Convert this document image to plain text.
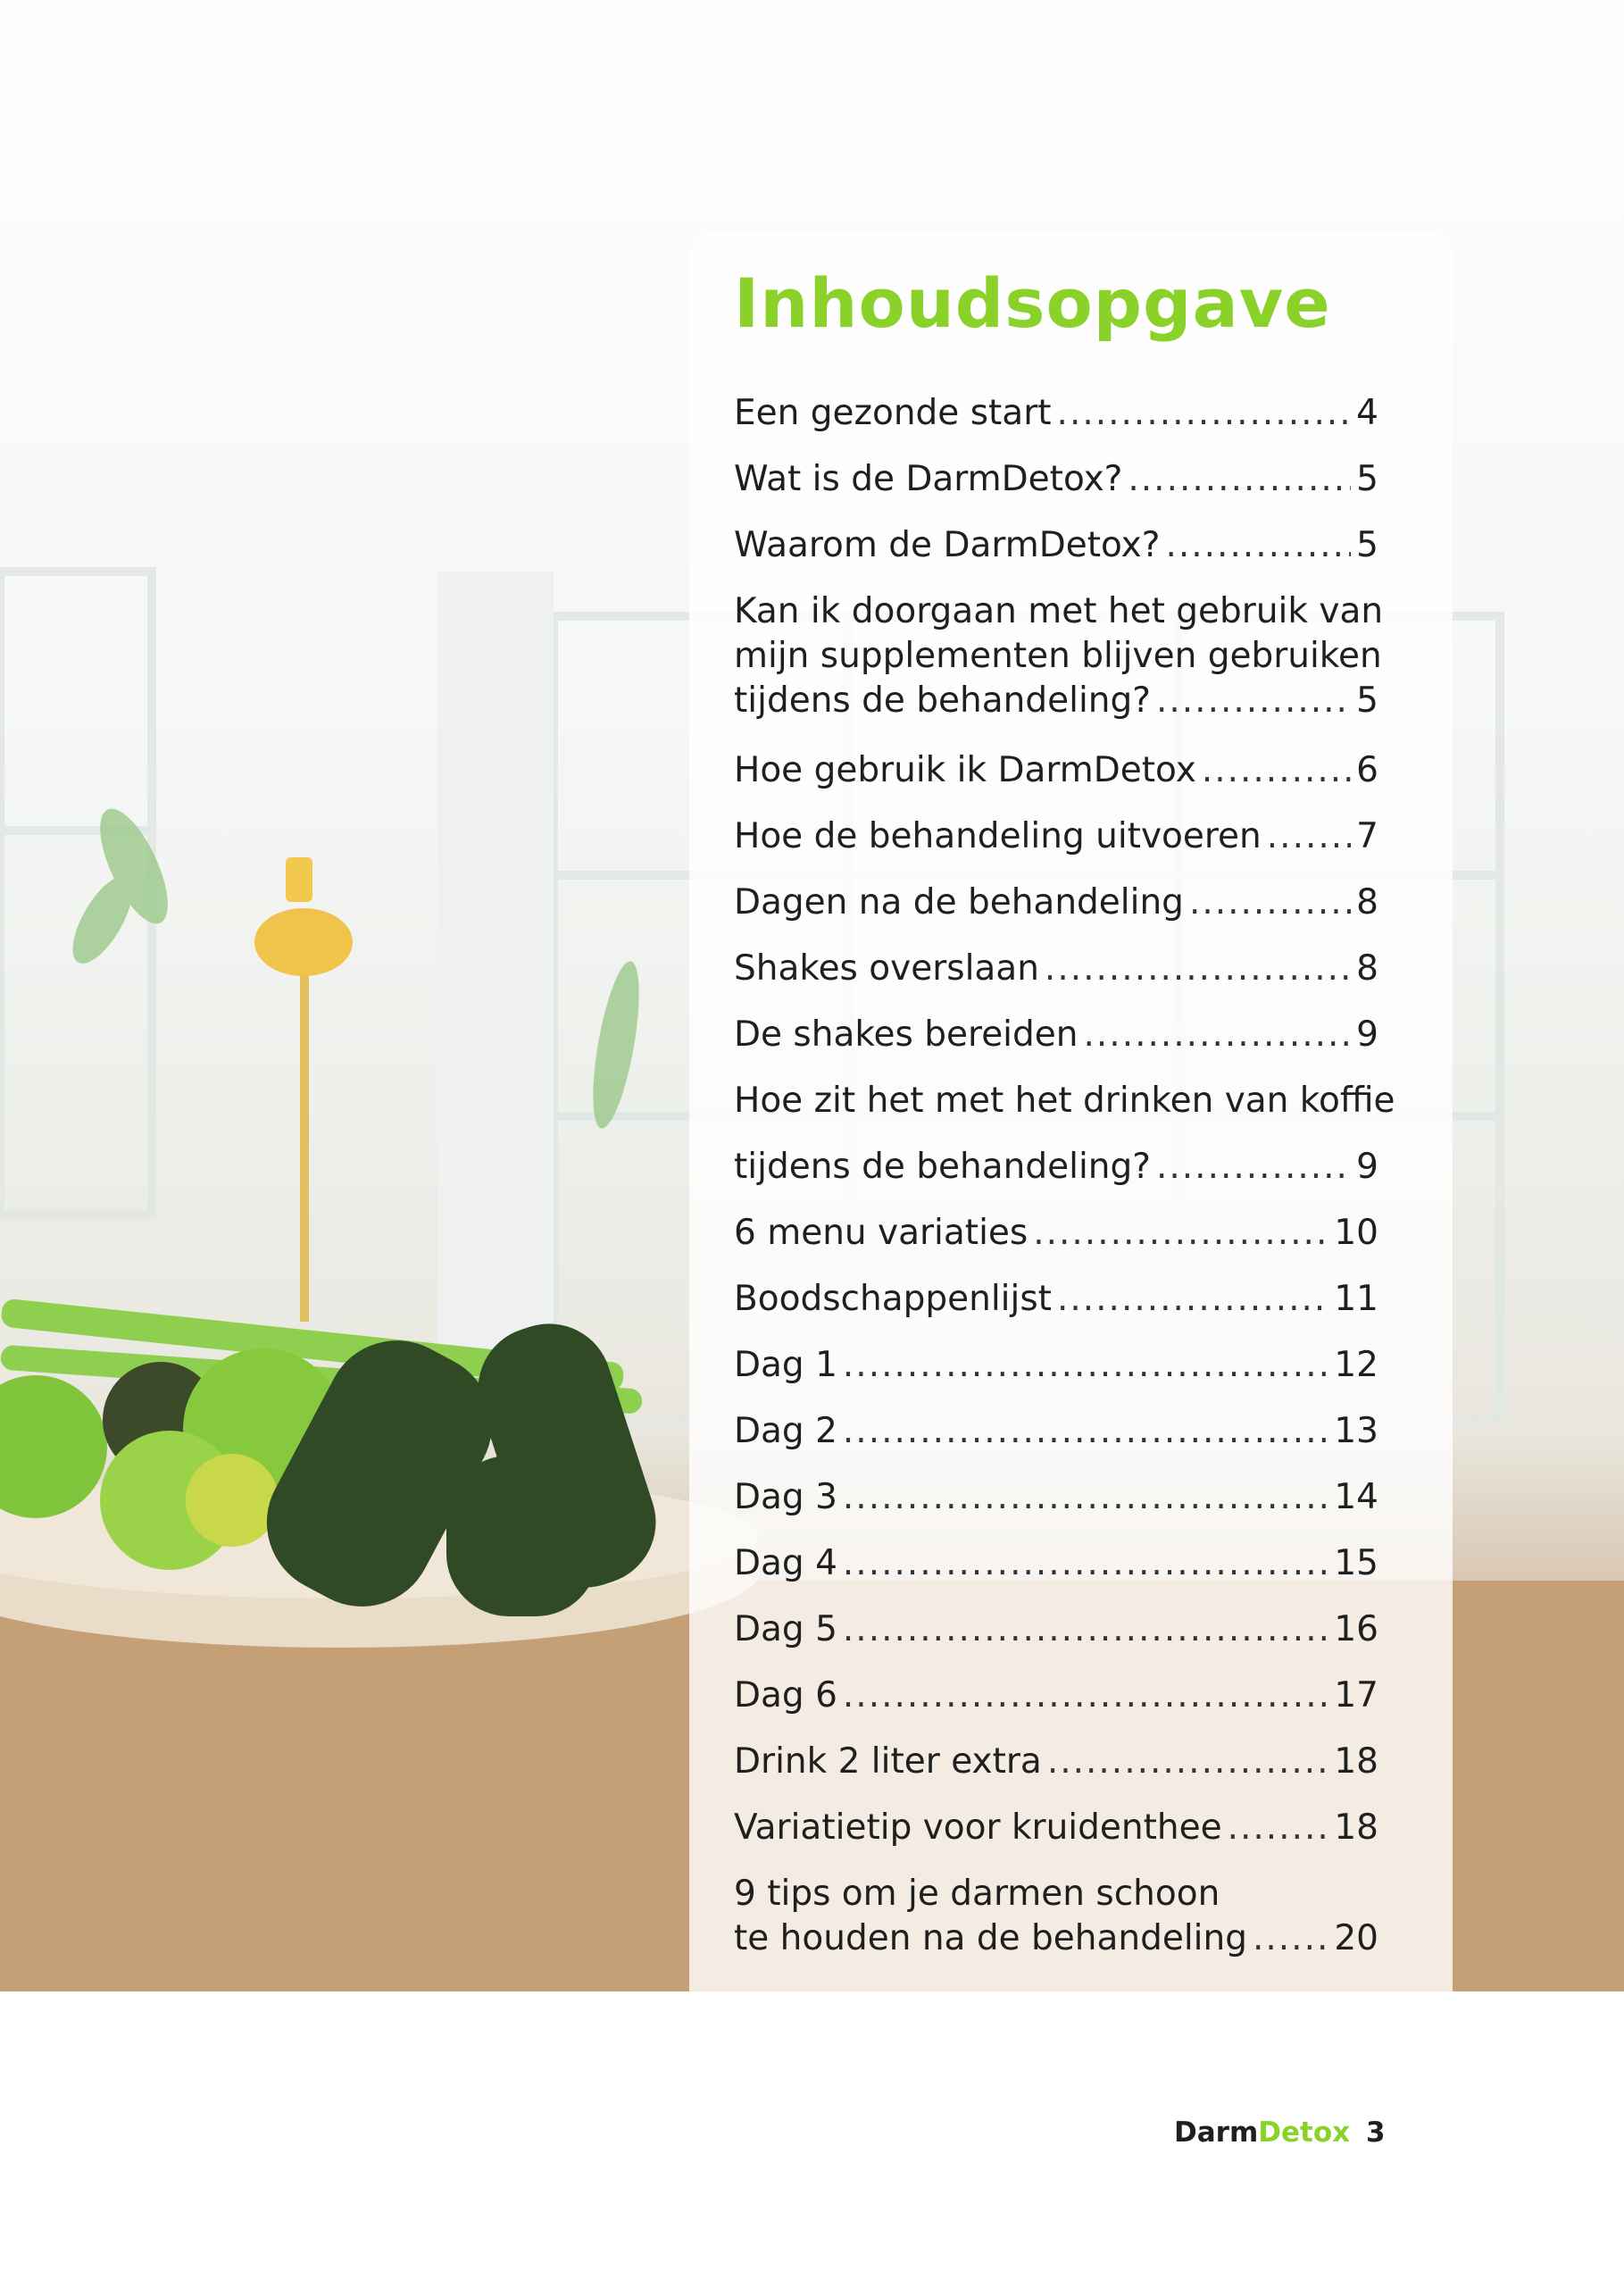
Inhoudsopgave
Een gezonde start .....	4
Wat is de DarmDetox? .....	5
Waarom de DarmDetox? .....	5
Kan ik doorgaan met het gebruik van
mijn supplementen blijven gebruiken
tijdens de behandeling? .....	5
Hoe gebruik ik DarmDetox .....	6
Hoe de behandeling uitvoeren .....	7
Dagen na de behandeling .....	8
Shakes overslaan .....	8
De shakes bereiden .....	9
Hoe zit het met het drinken van koffie
tijdens de behandeling? .....	9
6 menu variaties .....	10
Boodschappenlijst .....	11
Dag 1 .....	12
Dag 2 .....	13
Dag 3 .....	14
Dag 4 .....	15
Dag 5 .....	16
Dag 6 .....	17
Drink 2 liter extra .....	18
Variatietip voor kruidenthee .....	18
9 tips om je darmen schoon
te houden na de behandeling ..... 20
DarmDetox 3
